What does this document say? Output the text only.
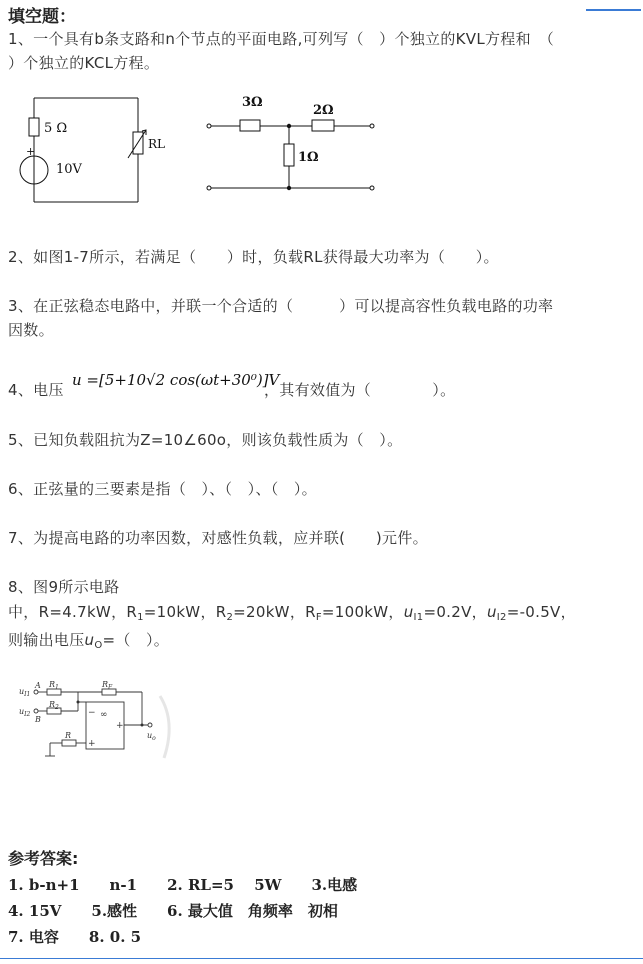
填空题：
1、一个具有b条支路和n个节点的平面电路,可列写（　）个独立的KVL方程和　（
）个独立的KCL方程。
5 Ω
+
10V
RL
3Ω
2Ω
1Ω
2、如图1-7所示，若满足（　　）时，负载RL获得最大功率为（　　）。
3、在正弦稳态电路中，并联一个合适的（　　　）可以提高容性负载电路的功率
因数。
4、电压
u =[5+10√2 cos(ωt+30⁰)]V
，其有效值为（　　　　）。
5、已知负载阻抗为Z=10∠60o，则该负载性质为（　）。
6、正弦量的三要素是指（　）、（　）、（　）。
7、为提高电路的功率因数，对感性负载，应并联(　　)元件。
8、图9所示电路
中，R=4.7kW，$R_1=10kW$，$R_2=20kW$，$R_F=100kW$，$u_{I1}=0.2V$，$u_{I2}=-0.5V$，
则输出电压$u_O=$（　）。
$u_{I1}$
$u_{I2}$
A
B
$R_1$
$R_2$
$R_F$
R
∞
−
+
+
$u_o$
参考答案:
1. b-n+1　　n-1　　2. RL=5　 5W　　3.电感
4. 15V　　5.感性　　6. 最大值　角频率　初相
7. 电容　　8. 0. 5
